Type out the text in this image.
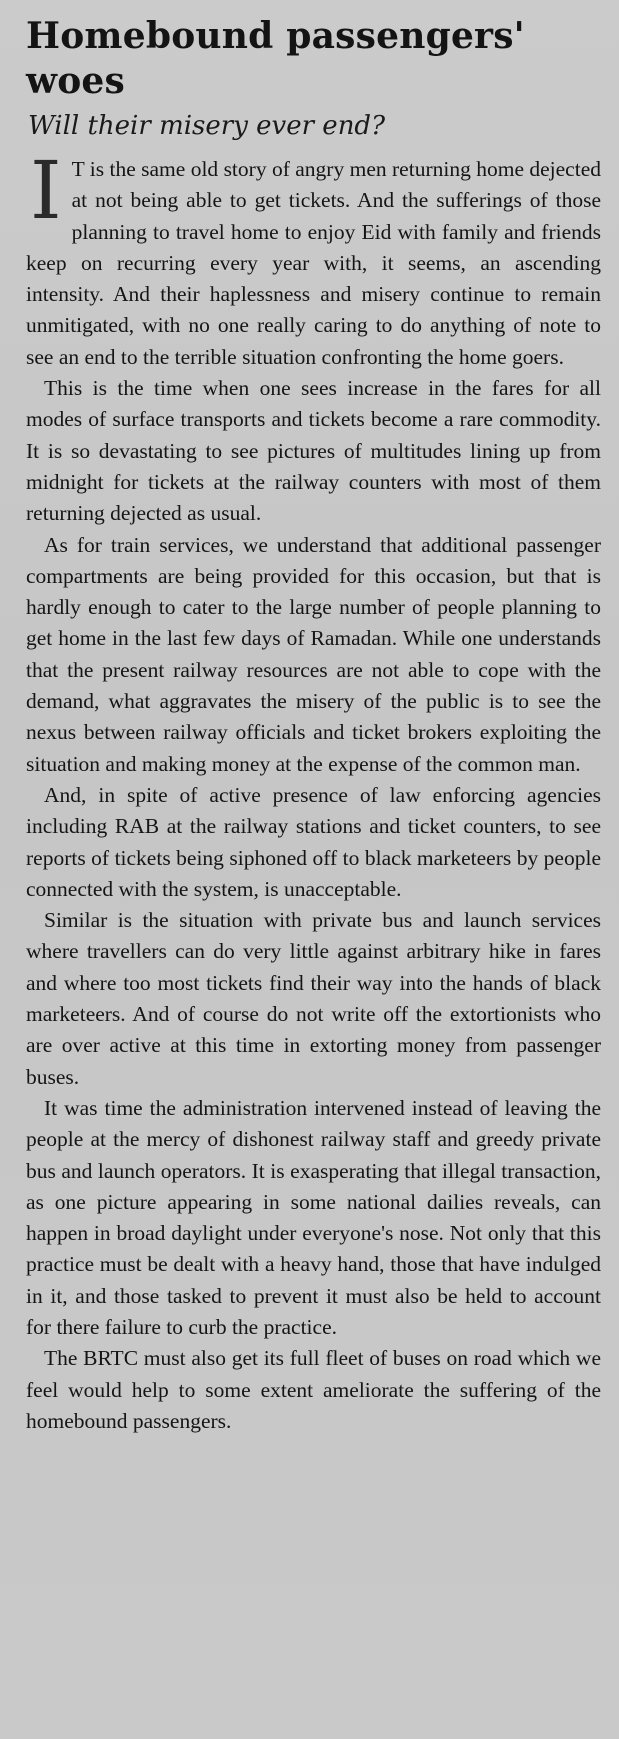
Homebound passengers' woes
Will their misery ever end?

I T is the same old story of angry men returning home dejected at not being able to get tickets. And the sufferings of those planning to travel home to enjoy Eid with family and friends keep on recurring every year with, it seems, an ascending intensity. And their haplessness and misery continue to remain unmitigated, with no one really caring to do anything of note to see an end to the terrible situation confronting the home goers.

This is the time when one sees increase in the fares for all modes of surface transports and tickets become a rare commodity. It is so devastating to see pictures of multitudes lining up from midnight for tickets at the railway counters with most of them returning dejected as usual.

As for train services, we understand that additional passenger compartments are being provided for this occasion, but that is hardly enough to cater to the large number of people planning to get home in the last few days of Ramadan. While one understands that the present railway resources are not able to cope with the demand, what aggravates the misery of the public is to see the nexus between railway officials and ticket brokers exploiting the situation and making money at the expense of the common man.

And, in spite of active presence of law enforcing agencies including RAB at the railway stations and ticket counters, to see reports of tickets being siphoned off to black marketeers by people connected with the system, is unacceptable.

Similar is the situation with private bus and launch services where travellers can do very little against arbitrary hike in fares and where too most tickets find their way into the hands of black marketeers. And of course do not write off the extortionists who are over active at this time in extorting money from passenger buses.

It was time the administration intervened instead of leaving the people at the mercy of dishonest railway staff and greedy private bus and launch operators. It is exasperating that illegal transaction, as one picture appearing in some national dailies reveals, can happen in broad daylight under everyone's nose. Not only that this practice must be dealt with a heavy hand, those that have indulged in it, and those tasked to prevent it must also be held to account for there failure to curb the practice.

The BRTC must also get its full fleet of buses on road which we feel would help to some extent ameliorate the suffering of the homebound passengers.
